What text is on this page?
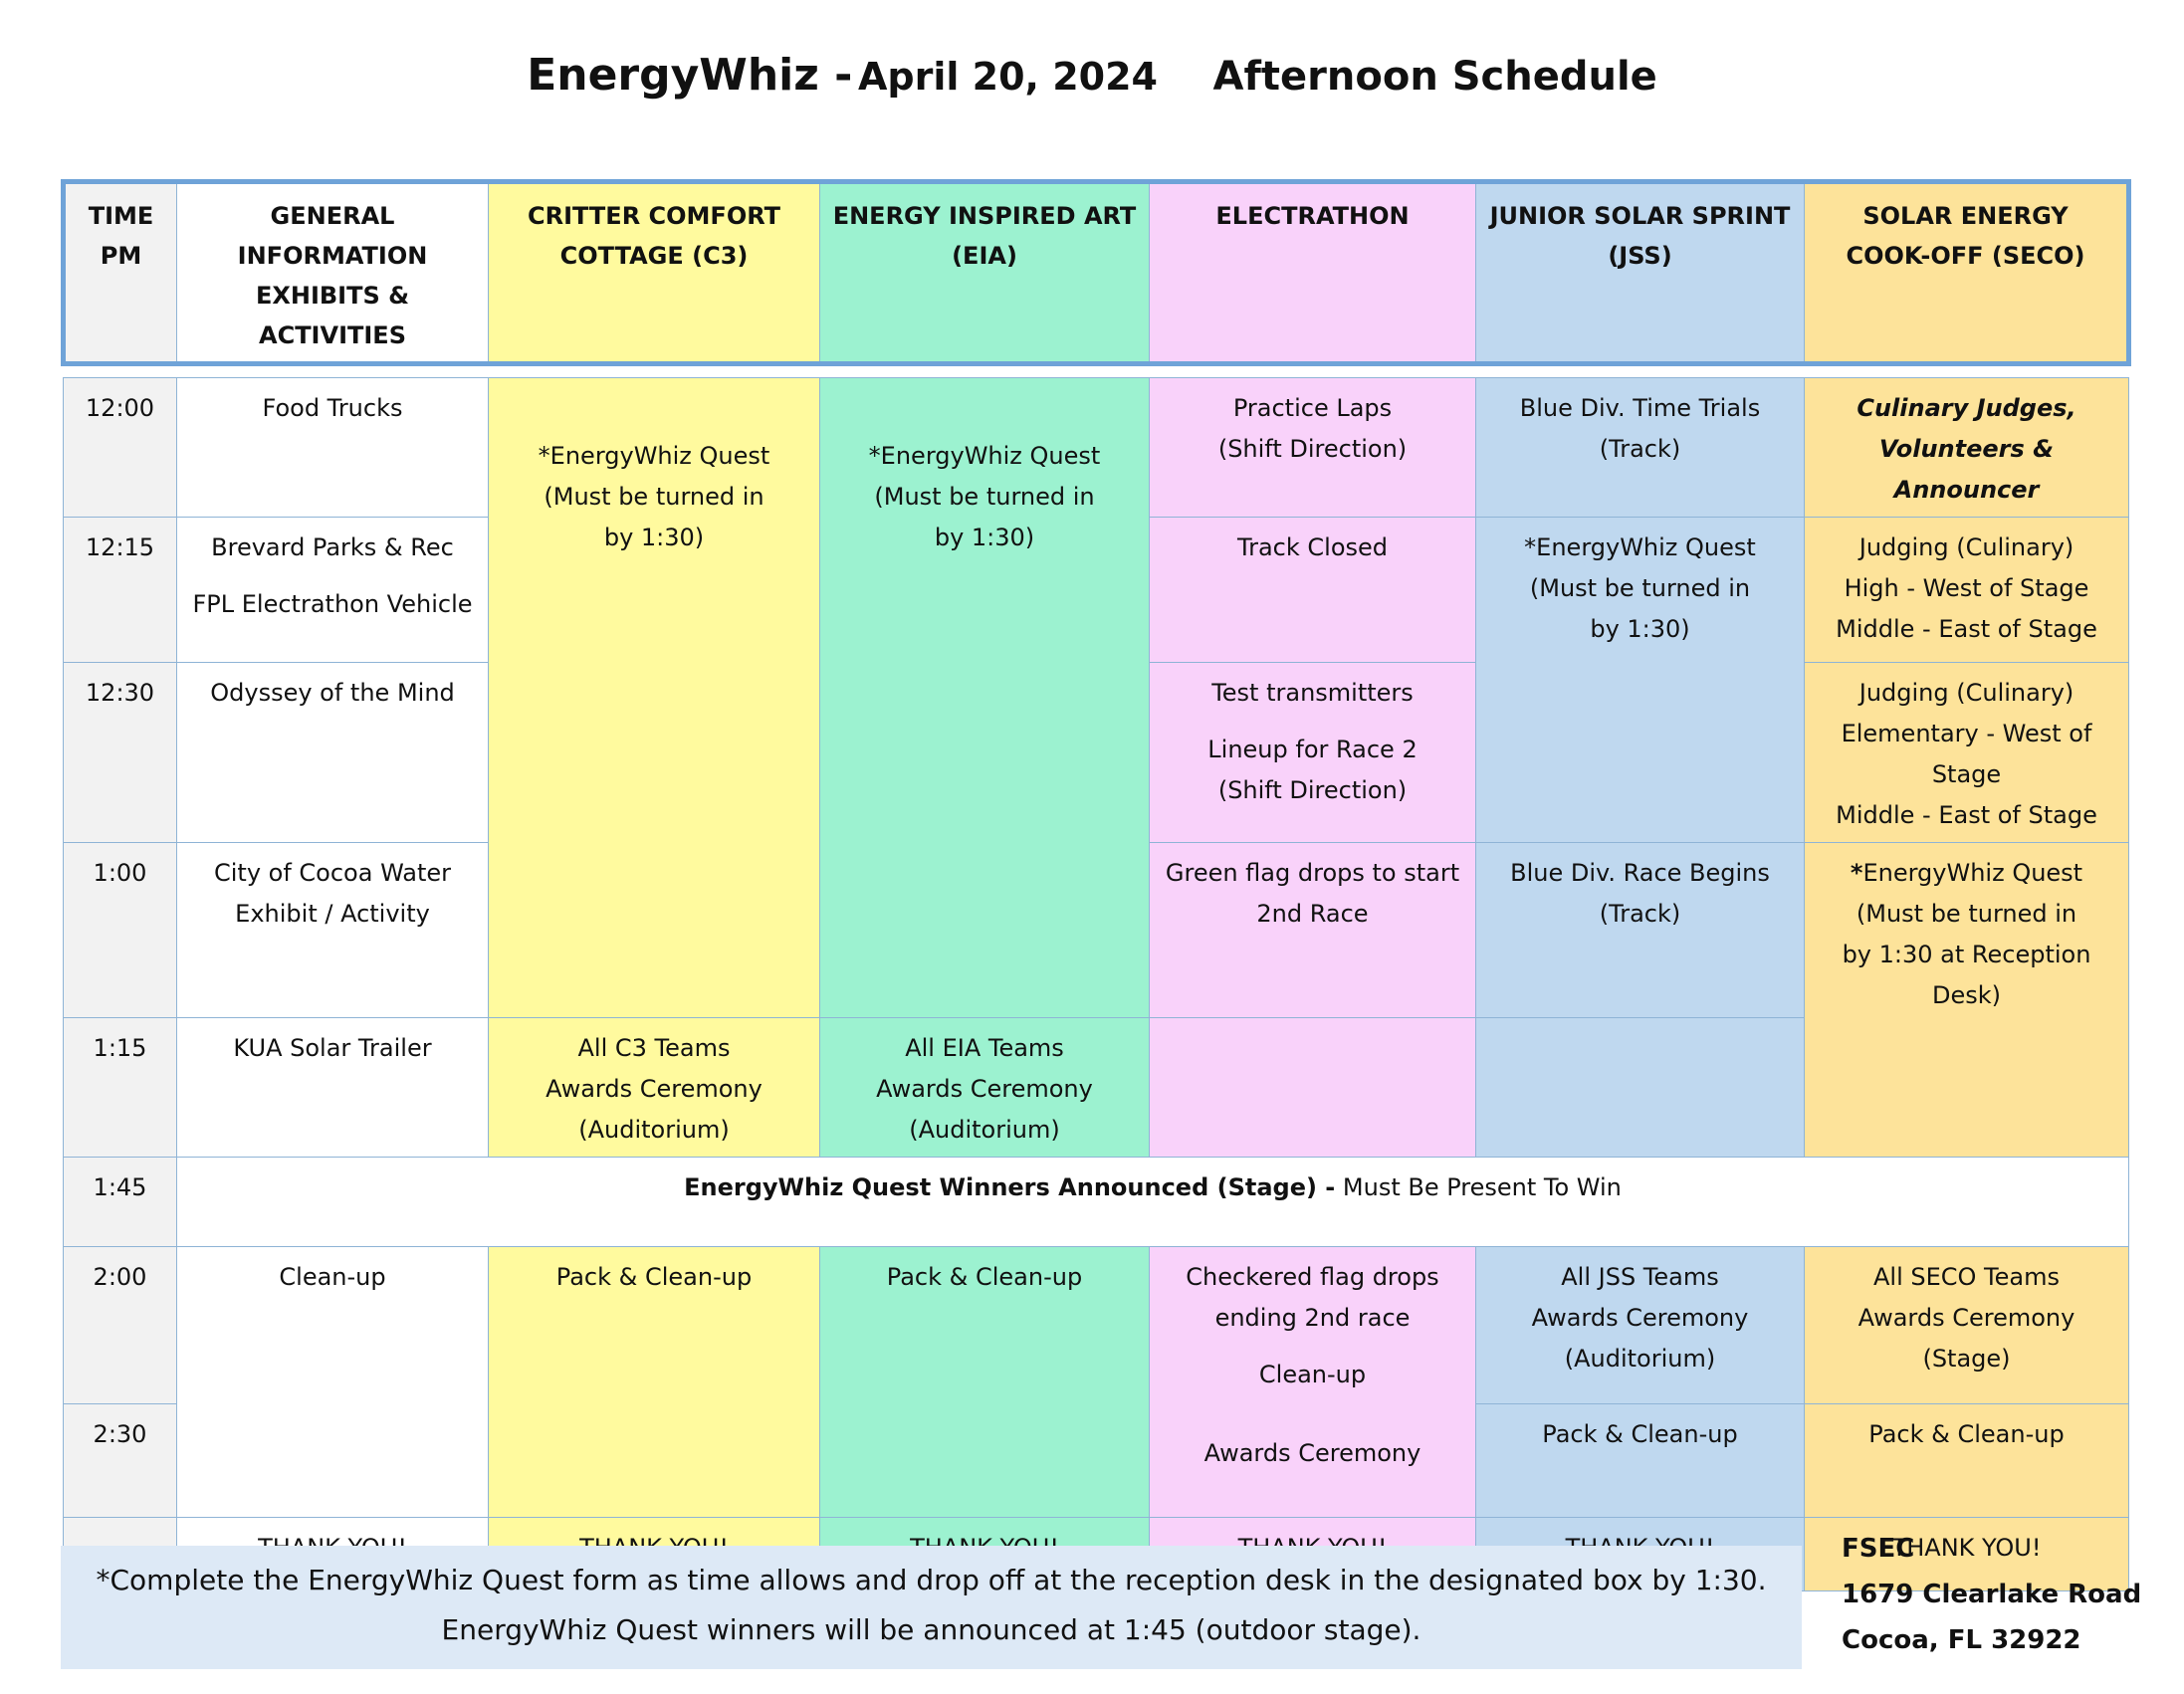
EnergyWhiz - April 20, 2024 Afternoon Schedule
TIME
PM	GENERAL INFORMATION
EXHIBITS & ACTIVITIES	CRITTER COMFORT
COTTAGE (C3)	ENERGY INSPIRED ART
(EIA)	ELECTRATHON	JUNIOR SOLAR SPRINT
(JSS)	SOLAR ENERGY
COOK-OFF (SECO)

12:00	Food Trucks	*EnergyWhiz Quest
(Must be turned in
by 1:30)	*EnergyWhiz Quest
(Must be turned in
by 1:30)	Practice Laps
(Shift Direction)	Blue Div. Time Trials
(Track)	Culinary Judges,
Volunteers & Announcer
12:15	Brevard Parks & Rec
FPL Electrathon Vehicle			Track Closed	*EnergyWhiz Quest
(Must be turned in
by 1:30)	Judging (Culinary)
High - West of Stage
Middle - East of Stage
12:30	Odyssey of the Mind			Test transmitters
Lineup for Race 2
(Shift Direction)		Judging (Culinary)
Elementary - West of
Stage
Middle - East of Stage
1:00	City of Cocoa Water
Exhibit / Activity			Green flag drops to start
2nd Race	Blue Div. Race Begins
(Track)	*EnergyWhiz Quest
(Must be turned in
by 1:30 at Reception
Desk)
1:15	KUA Solar Trailer	All C3 Teams
Awards Ceremony
(Auditorium)	All EIA Teams
Awards Ceremony
(Auditorium)			
1:45	EnergyWhiz Quest Winners Announced (Stage) - Must Be Present To Win					
2:00	Clean-up	Pack & Clean-up	Pack & Clean-up	Checkered flag drops
ending 2nd race
Clean-up
Awards Ceremony	All JSS Teams
Awards Ceremony
(Auditorium)	All SECO Teams
Awards Ceremony
(Stage)
2:30					Pack & Clean-up	Pack & Clean-up
						THANK YOU!
*Complete the EnergyWhiz Quest form as time allows and drop off at the reception desk in the designated box by 1:30.
EnergyWhiz Quest winners will be announced at 1:45 (outdoor stage).
FSEC
1679 Clearlake Road
Cocoa, FL 32922
